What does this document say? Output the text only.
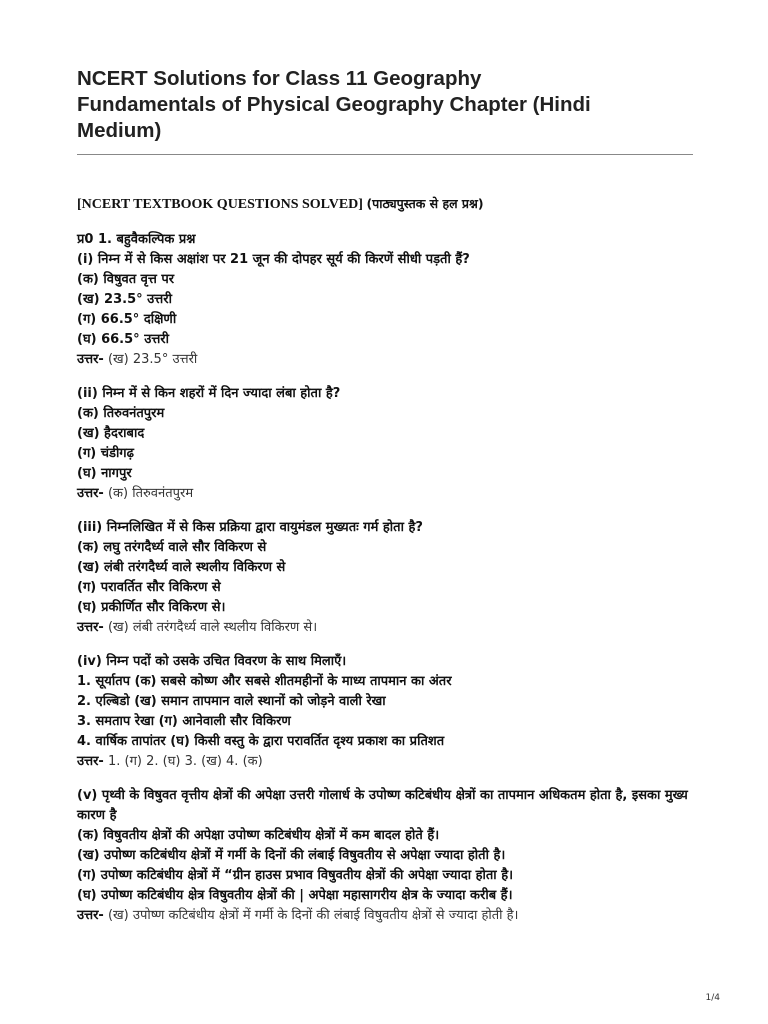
NCERT Solutions for Class 11 Geography
Fundamentals of Physical Geography Chapter (Hindi
Medium)
[NCERT TEXTBOOK QUESTIONS SOLVED] (पाठ्यपुस्तक से हल प्रश्न)
प्र0 1. बहुवैकल्पिक प्रश्न
(i) निम्न में से किस अक्षांश पर 21 जून की दोपहर सूर्य की किरणें सीधी पड़ती हैं?
(क) विषुवत वृत्त पर
(ख) 23.5° उत्तरी
(ग) 66.5° दक्षिणी
(घ) 66.5° उत्तरी
उत्तर- (ख) 23.5° उत्तरी
(ii) निम्न में से किन शहरों में दिन ज्यादा लंबा होता है?
(क) तिरुवनंतपुरम
(ख) हैदराबाद
(ग) चंडीगढ़
(घ) नागपुर
उत्तर- (क) तिरुवनंतपुरम
(iii) निम्नलिखित में से किस प्रक्रिया द्वारा वायुमंडल मुख्यतः गर्म होता है?
(क) लघु तरंगदैर्ध्य वाले सौर विकिरण से
(ख) लंबी तरंगदैर्ध्य वाले स्थलीय विकिरण से
(ग) परावर्तित सौर विकिरण से
(घ) प्रकीर्णित सौर विकिरण से।
उत्तर- (ख) लंबी तरंगदैर्ध्य वाले स्थलीय विकिरण से।
(iv) निम्न पदों को उसके उचित विवरण के साथ मिलाएँ।
1. सूर्यातप (क) सबसे कोष्ण और सबसे शीतमहीनों के माध्य तापमान का अंतर
2. एल्बिडो (ख) समान तापमान वाले स्थानों को जोड़ने वाली रेखा
3. समताप रेखा (ग) आनेवाली सौर विकिरण
4. वार्षिक तापांतर (घ) किसी वस्तु के द्वारा परावर्तित दृश्य प्रकाश का प्रतिशत
उत्तर- 1. (ग) 2. (घ) 3. (ख) 4. (क)
(v) पृथ्वी के विषुवत वृत्तीय क्षेत्रों की अपेक्षा उत्तरी गोलार्ध के उपोष्ण कटिबंधीय क्षेत्रों का तापमान अधिकतम होता है, इसका मुख्य कारण है
(क) विषुवतीय क्षेत्रों की अपेक्षा उपोष्ण कटिबंधीय क्षेत्रों में कम बादल होते हैं।
(ख) उपोष्ण कटिबंधीय क्षेत्रों में गर्मी के दिनों की लंबाई विषुवतीय से अपेक्षा ज्यादा होती है।
(ग) उपोष्ण कटिबंधीय क्षेत्रों में “ग्रीन हाउस प्रभाव विषुवतीय क्षेत्रों की अपेक्षा ज्यादा होता है।
(घ) उपोष्ण कटिबंधीय क्षेत्र विषुवतीय क्षेत्रों की | अपेक्षा महासागरीय क्षेत्र के ज्यादा करीब हैं।
उत्तर- (ख) उपोष्ण कटिबंधीय क्षेत्रों में गर्मी के दिनों की लंबाई विषुवतीय क्षेत्रों से ज्यादा होती है।
1/4
